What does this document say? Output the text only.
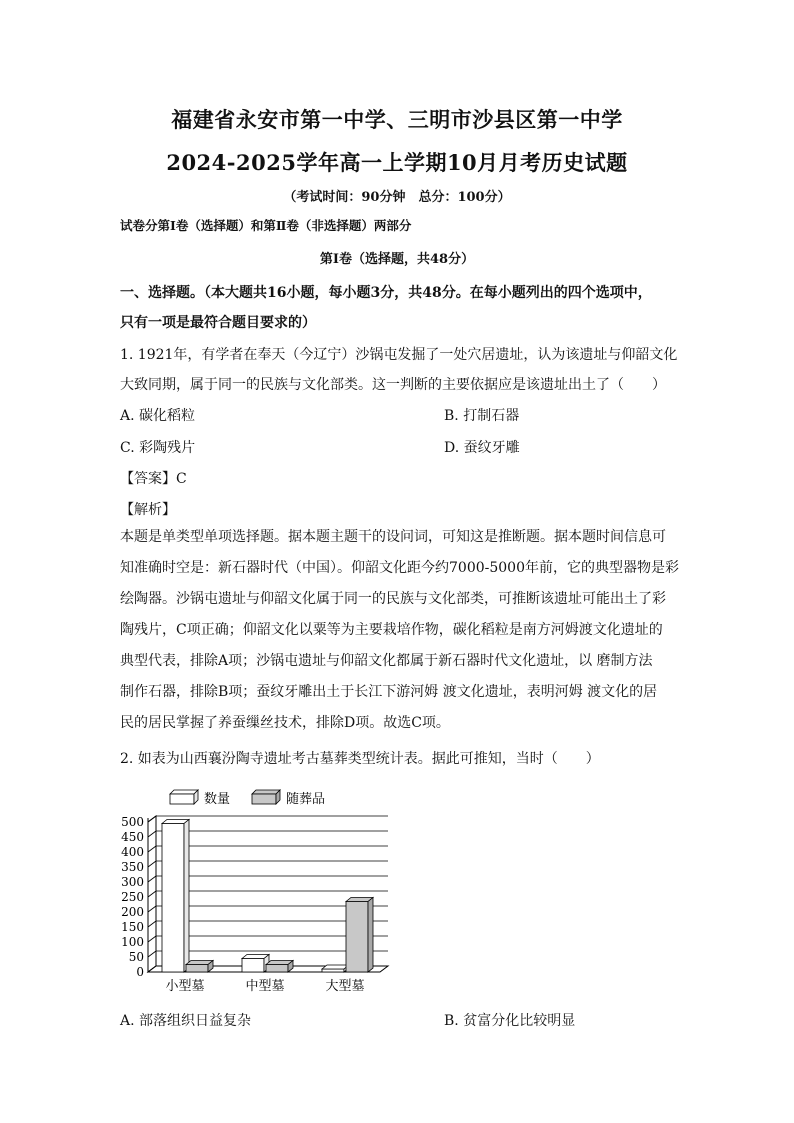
福建省永安市第一中学、三明市沙县区第一中学
2024-2025学年高一上学期10月月考历史试题
（考试时间：90分钟　总分：100分）
试卷分第Ⅰ卷（选择题）和第Ⅱ卷（非选择题）两部分
第Ⅰ卷（选择题，共48分）
一、选择题。（本大题共16小题，每小题3分，共48分。在每小题列出的四个选项中，
只有一项是最符合题目要求的）
1. 1921年，有学者在奉天（今辽宁）沙锅屯发掘了一处穴居遗址，认为该遗址与仰韶文化
大致同期，属于同一的民族与文化部类。这一判断的主要依据应是该遗址出土了（　　）
A. 碳化稻粒	B. 打制石器
C. 彩陶残片	D. 蚕纹牙雕
【答案】C
【解析】
本题是单类型单项选择题。据本题主题干的设问词，可知这是推断题。据本题时间信息可
知准确时空是：新石器时代（中国）。仰韶文化距今约7000-5000年前，它的典型器物是彩
绘陶器。沙锅屯遗址与仰韶文化属于同一的民族与文化部类，可推断该遗址可能出土了彩
陶残片，C项正确；仰韶文化以粟等为主要栽培作物，碳化稻粒是南方河姆渡文化遗址的
典型代表，排除A项；沙锅屯遗址与仰韶文化都属于新石器时代文化遗址，以 磨制方法
制作石器，排除B项；蚕纹牙雕出土于长江下游河姆 渡文化遗址，表明河姆 渡文化的居
民的居民掌握了养蚕缫丝技术，排除D项。故选C项。
2. 如表为山西襄汾陶寺遗址考古墓葬类型统计表。据此可推知，当时（　　）
0
50
100
150
200
250
300
350
400
450
500
小型墓	中型墓	大型墓
数量	随葬品
A. 部落组织日益复杂	B. 贫富分化比较明显
